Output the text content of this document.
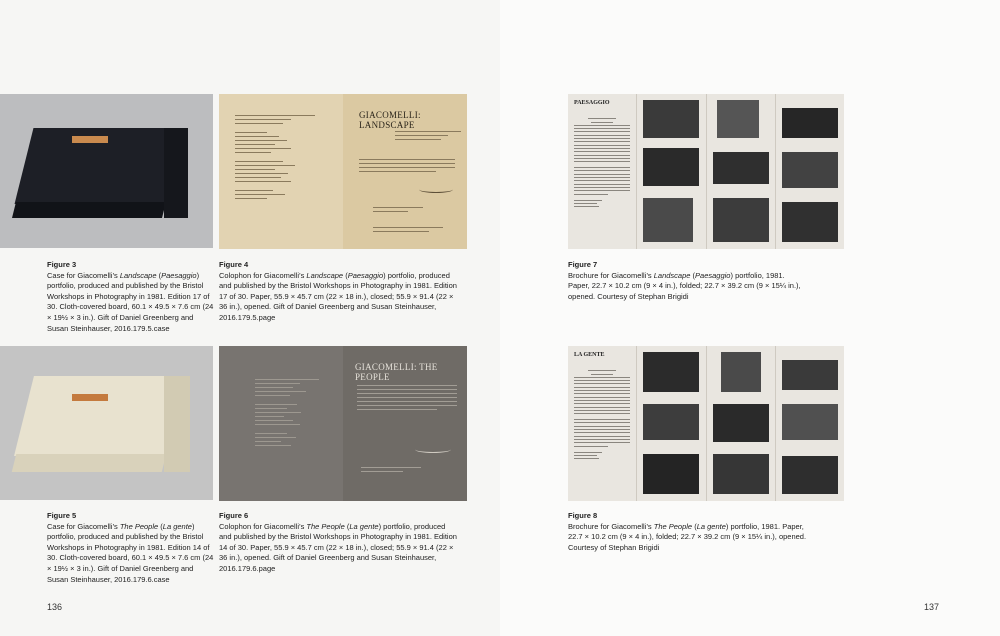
GIACOMELLI: LANDSCAPE
PAESAGGIO
GIACOMELLI: THE PEOPLE
LA GENTE
Figure 3
Case for Giacomelli’s Landscape (Paesaggio) portfolio, produced and published by the Bristol Workshops in Photography in 1981. Edition 17 of 30. Cloth-covered board, 60.1 × 49.5 × 7.6 cm (24 × 19½ × 3 in.). Gift of Daniel Greenberg and Susan Steinhauser, 2016.179.5.case
Figure 4
Colophon for Giacomelli’s Landscape (Paesaggio) portfolio, produced and published by the Bristol Workshops in Photography in 1981. Edition 17 of 30. Paper, 55.9 × 45.7 cm (22 × 18 in.), closed; 55.9 × 91.4 (22 × 36 in.), opened. Gift of Daniel Greenberg and Susan Steinhauser, 2016.179.5.page
Figure 7
Brochure for Giacomelli’s Landscape (Paesaggio) portfolio, 1981. Paper, 22.7 × 10.2 cm (9 × 4 in.), folded; 22.7 × 39.2 cm (9 × 15¼ in.), opened. Courtesy of Stephan Brigidi
Figure 5
Case for Giacomelli’s The People (La gente) portfolio, produced and published by the Bristol Workshops in Photography in 1981. Edition 14 of 30. Cloth-covered board, 60.1 × 49.5 × 7.6 cm (24 × 19½ × 3 in.). Gift of Daniel Greenberg and Susan Steinhauser, 2016.179.6.case
Figure 6
Colophon for Giacomelli’s The People (La gente) portfolio, produced and published by the Bristol Workshops in Photography in 1981. Edition 14 of 30. Paper, 55.9 × 45.7 cm (22 × 18 in.), closed; 55.9 × 91.4 (22 × 36 in.), opened. Gift of Daniel Greenberg and Susan Steinhauser, 2016.179.6.page
Figure 8
Brochure for Giacomelli’s The People (La gente) portfolio, 1981. Paper, 22.7 × 10.2 cm (9 × 4 in.), folded; 22.7 × 39.2 cm (9 × 15¼ in.), opened. Courtesy of Stephan Brigidi
136	137
